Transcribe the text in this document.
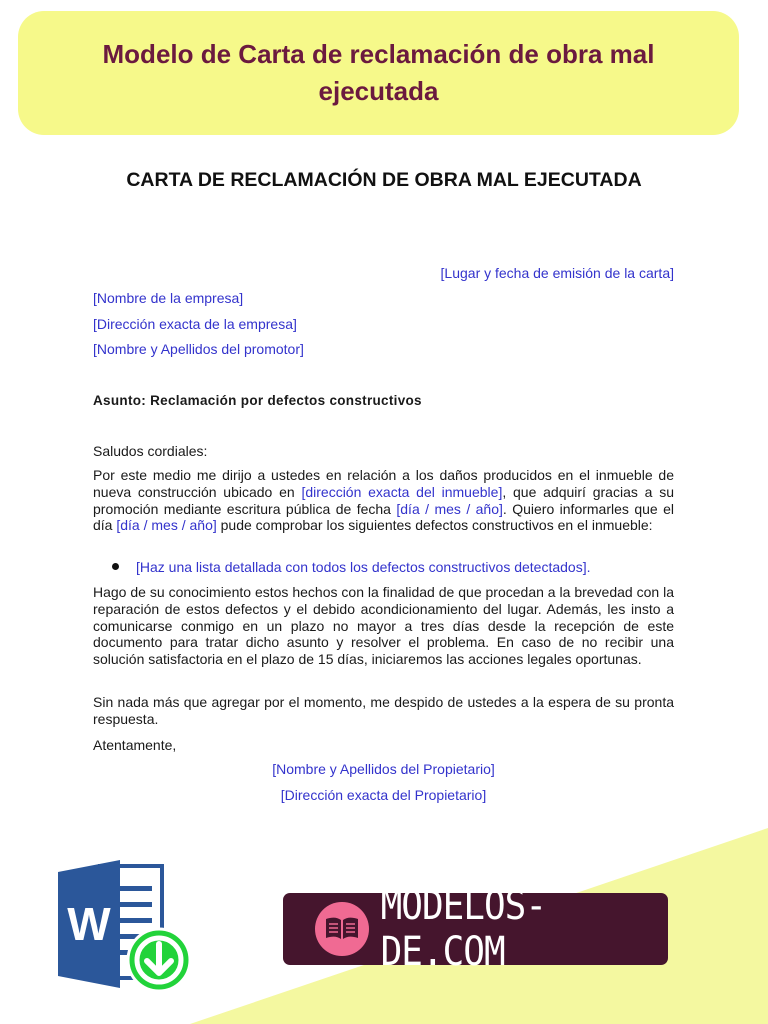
Modelo de Carta de reclamación de obra mal ejecutada
CARTA DE RECLAMACIÓN DE OBRA MAL EJECUTADA
[Lugar y fecha de emisión de la carta]
[Nombre de la empresa]
[Dirección exacta de la empresa]
[Nombre y Apellidos del promotor]
Asunto: Reclamación por defectos constructivos
Saludos cordiales:
Por este medio me dirijo a ustedes en relación a los daños producidos en el inmueble de nueva construcción ubicado en [dirección exacta del inmueble], que adquirí gracias a su promoción mediante escritura pública de fecha [día / mes / año]. Quiero informarles que el día [día / mes / año] pude comprobar los siguientes defectos constructivos en el inmueble:
[Haz una lista detallada con todos los defectos constructivos detectados].
Hago de su conocimiento estos hechos con la finalidad de que procedan a la brevedad con la reparación de estos defectos y el debido acondicionamiento del lugar. Además, les insto a comunicarse conmigo en un plazo no mayor a tres días desde la recepción de este documento para tratar dicho asunto y resolver el problema. En caso de no recibir una solución satisfactoria en el plazo de 15 días, iniciaremos las acciones legales oportunas.
Sin nada más que agregar por el momento, me despido de ustedes a la espera de su pronta respuesta.
Atentamente,
[Nombre y Apellidos del Propietario]
[Dirección exacta del Propietario]
W	MODELOS-DE.COM
